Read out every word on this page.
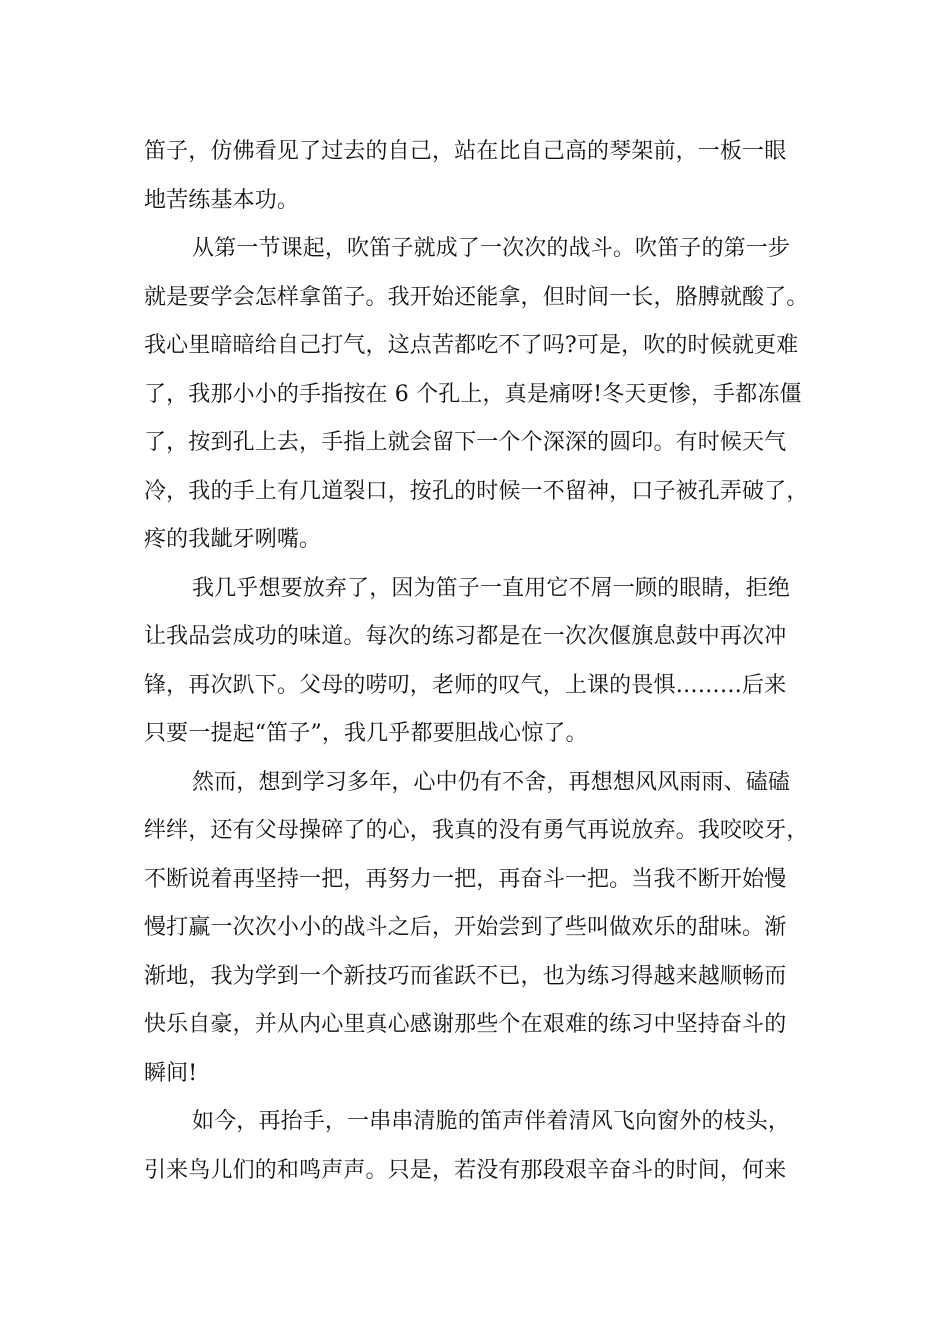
笛子，仿佛看见了过去的自己，站在比自己高的琴架前，一板一眼
地苦练基本功。
从第一节课起，吹笛子就成了一次次的战斗。吹笛子的第一步
就是要学会怎样拿笛子。我开始还能拿，但时间一长，胳膊就酸了。
我心里暗暗给自己打气，这点苦都吃不了吗?可是，吹的时候就更难
了，我那小小的手指按在 6 个孔上，真是痛呀!冬天更惨，手都冻僵
了，按到孔上去，手指上就会留下一个个深深的圆印。有时候天气
冷，我的手上有几道裂口，按孔的时候一不留神，口子被孔弄破了，
疼的我龇牙咧嘴。
我几乎想要放弃了，因为笛子一直用它不屑一顾的眼睛，拒绝
让我品尝成功的味道。每次的练习都是在一次次偃旗息鼓中再次冲
锋，再次趴下。父母的唠叨，老师的叹气，上课的畏惧………后来
只要一提起“笛子”，我几乎都要胆战心惊了。
然而，想到学习多年，心中仍有不舍，再想想风风雨雨、磕磕
绊绊，还有父母操碎了的心，我真的没有勇气再说放弃。我咬咬牙，
不断说着再坚持一把，再努力一把，再奋斗一把。当我不断开始慢
慢打赢一次次小小的战斗之后，开始尝到了些叫做欢乐的甜味。渐
渐地，我为学到一个新技巧而雀跃不已，也为练习得越来越顺畅而
快乐自豪，并从内心里真心感谢那些个在艰难的练习中坚持奋斗的
瞬间!
如今，再抬手，一串串清脆的笛声伴着清风飞向窗外的枝头，
引来鸟儿们的和鸣声声。只是，若没有那段艰辛奋斗的时间，何来
